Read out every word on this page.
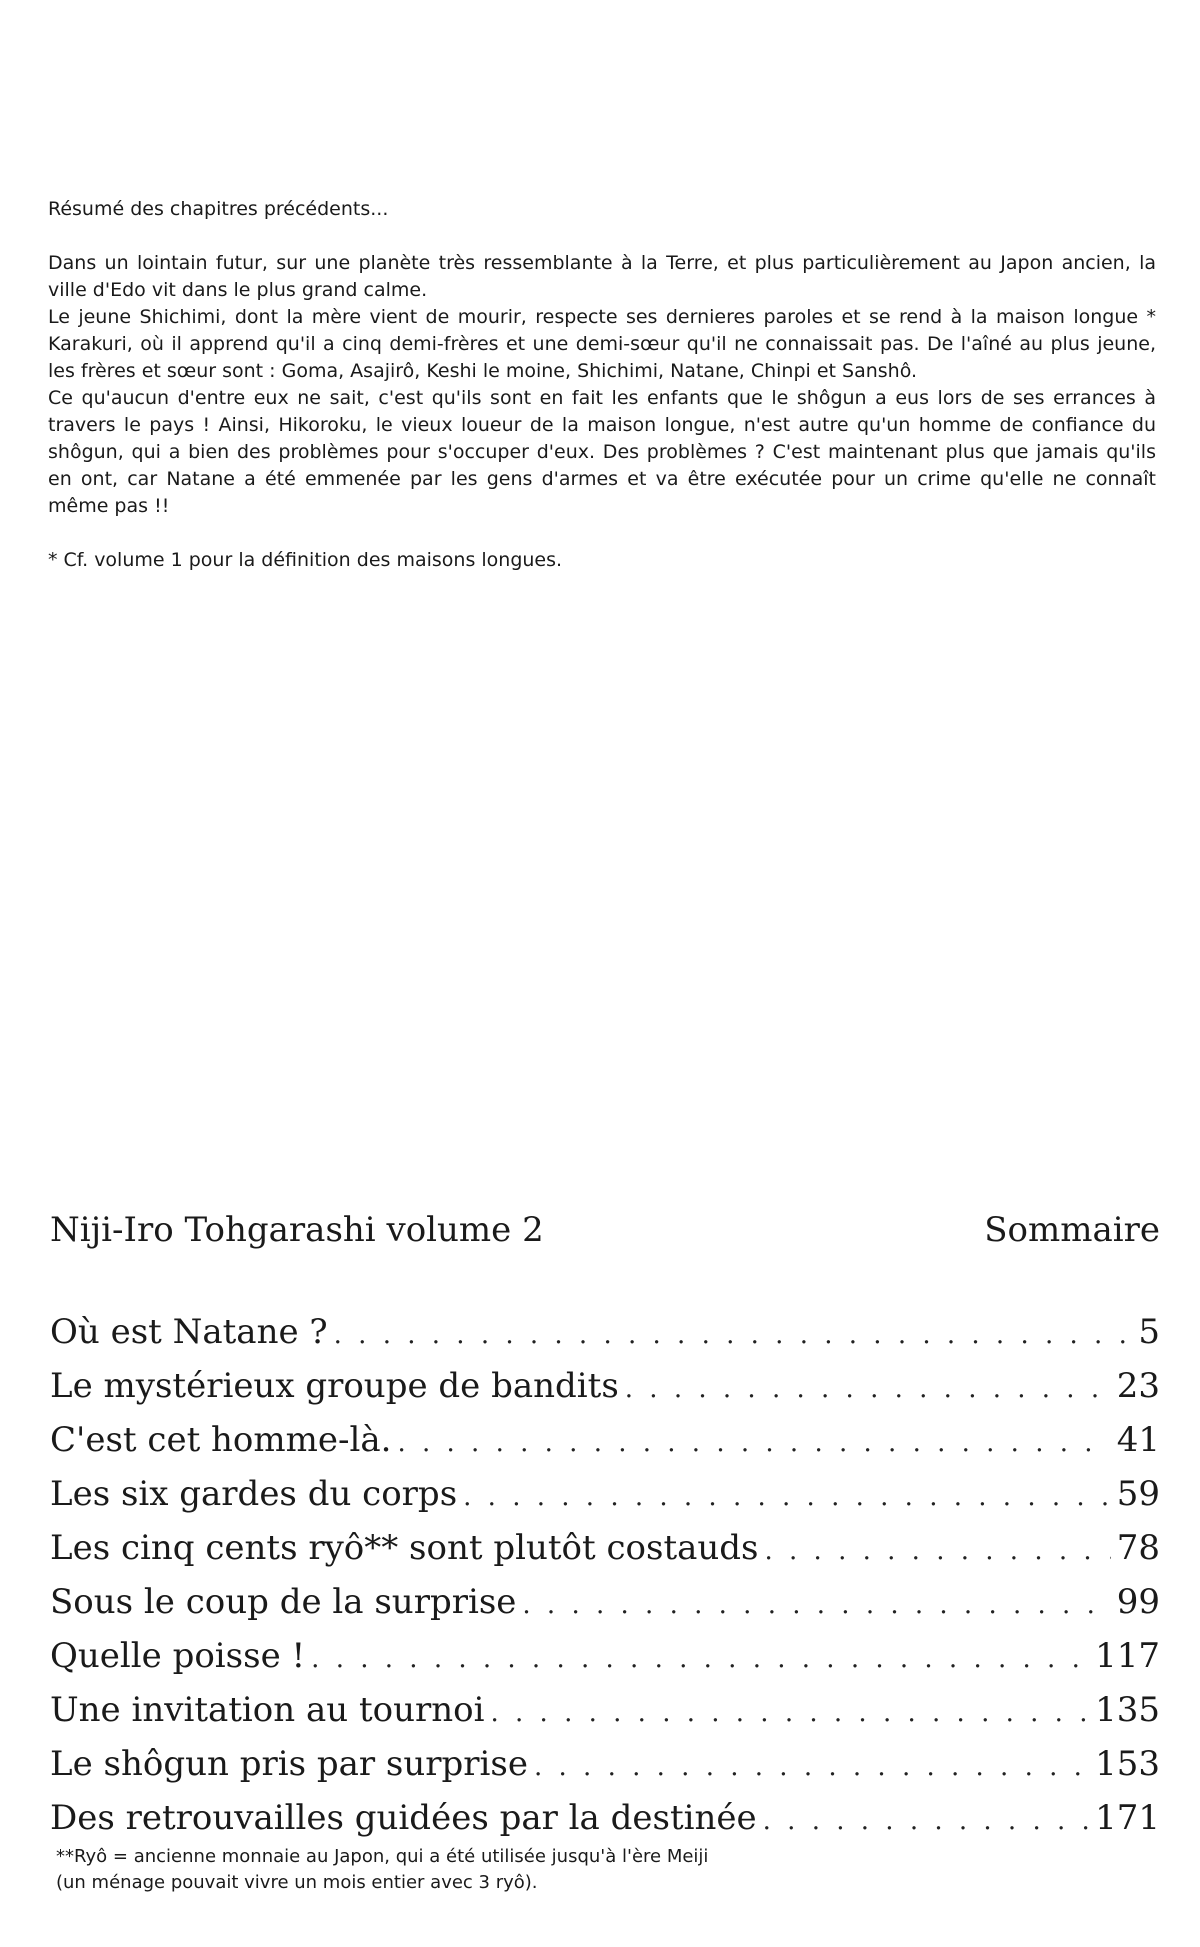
Résumé des chapitres précédents...

Dans un lointain futur, sur une planète très ressemblante à la Terre, et plus particulièrement au Japon ancien, la ville d'Edo vit dans le plus grand calme.

Le jeune Shichimi, dont la mère vient de mourir, respecte ses dernieres paroles et se rend à la maison longue * Karakuri, où il apprend qu'il a cinq demi-frères et une demi-sœur qu'il ne connaissait pas. De l'aîné au plus jeune, les frères et sœur sont : Goma, Asajirô, Keshi le moine, Shichimi, Natane, Chinpi et Sanshô.

Ce qu'aucun d'entre eux ne sait, c'est qu'ils sont en fait les enfants que le shôgun a eus lors de ses errances à travers le pays ! Ainsi, Hikoroku, le vieux loueur de la maison longue, n'est autre qu'un homme de confiance du shôgun, qui a bien des problèmes pour s'occuper d'eux. Des problèmes ? C'est maintenant plus que jamais qu'ils en ont, car Natane a été emmenée par les gens d'armes et va être exécutée pour un crime qu'elle ne connaît même pas !!

* Cf. volume 1 pour la définition des maisons longues.

Niji-Iro Tohgarashi volume 2	Sommaire
Où est Natane ? . . .	5
Le mystérieux groupe de bandits . . .	23
C'est cet homme-là. . . .	41
Les six gardes du corps . . .	59
Les cinq cents ryô** sont plutôt costauds . . .	78
Sous le coup de la surprise . . .	99
Quelle poisse ! . . .	117
Une invitation au tournoi . . .	135
Le shôgun pris par surprise . . .	153
Des retrouvailles guidées par la destinée . . .	171
**Ryô = ancienne monnaie au Japon, qui a été utilisée jusqu'à l'ère Meiji
(un ménage pouvait vivre un mois entier avec 3 ryô).
